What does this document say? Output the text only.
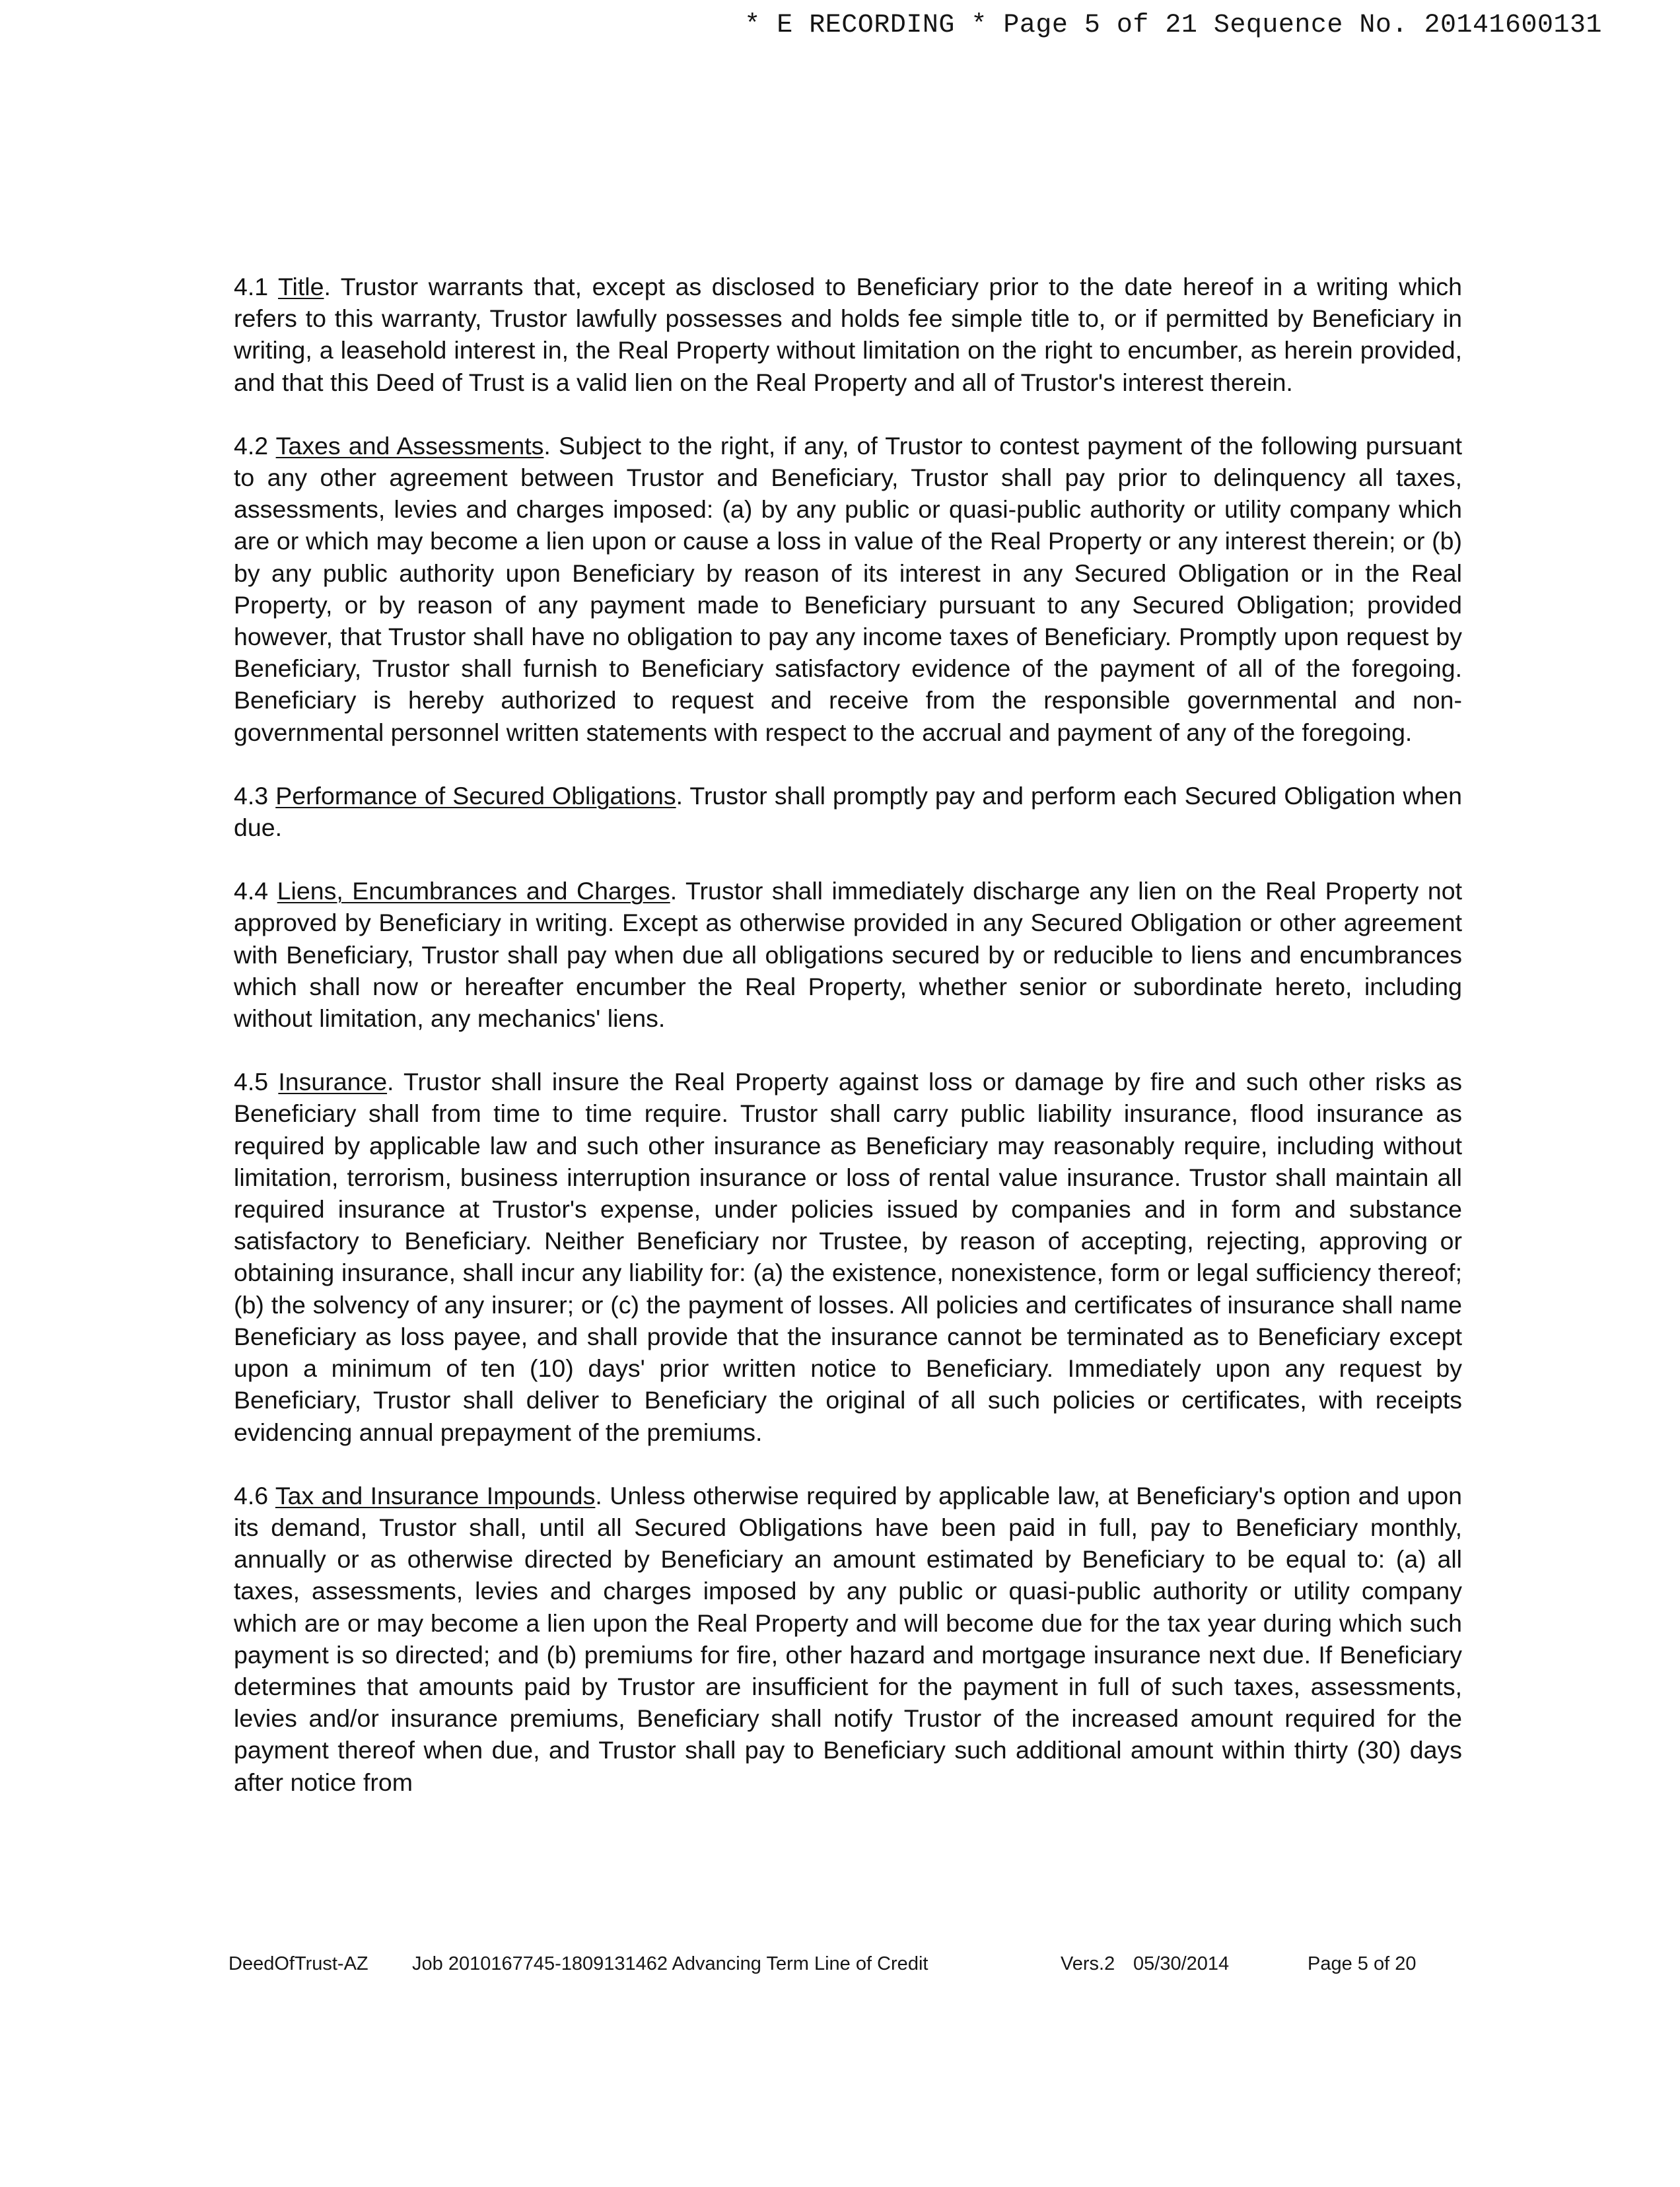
* E RECORDING * Page 5 of 21 Sequence No. 20141600131

4.1 Title. Trustor warrants that, except as disclosed to Beneficiary prior to the date hereof in a writing which refers to this warranty, Trustor lawfully possesses and holds fee simple title to, or if permitted by Beneficiary in writing, a leasehold interest in, the Real Property without limitation on the right to encumber, as herein provided, and that this Deed of Trust is a valid lien on the Real Property and all of Trustor's interest therein.

4.2 Taxes and Assessments. Subject to the right, if any, of Trustor to contest payment of the following pursuant to any other agreement between Trustor and Beneficiary, Trustor shall pay prior to delinquency all taxes, assessments, levies and charges imposed: (a) by any public or quasi-public authority or utility company which are or which may become a lien upon or cause a loss in value of the Real Property or any interest therein; or (b) by any public authority upon Beneficiary by reason of its interest in any Secured Obligation or in the Real Property, or by reason of any payment made to Beneficiary pursuant to any Secured Obligation; provided however, that Trustor shall have no obligation to pay any income taxes of Beneficiary. Promptly upon request by Beneficiary, Trustor shall furnish to Beneficiary satisfactory evidence of the payment of all of the foregoing. Beneficiary is hereby authorized to request and receive from the responsible governmental and non-governmental personnel written statements with respect to the accrual and payment of any of the foregoing.

4.3 Performance of Secured Obligations. Trustor shall promptly pay and perform each Secured Obligation when due.

4.4 Liens, Encumbrances and Charges. Trustor shall immediately discharge any lien on the Real Property not approved by Beneficiary in writing. Except as otherwise provided in any Secured Obligation or other agreement with Beneficiary, Trustor shall pay when due all obligations secured by or reducible to liens and encumbrances which shall now or hereafter encumber the Real Property, whether senior or subordinate hereto, including without limitation, any mechanics' liens.

4.5 Insurance. Trustor shall insure the Real Property against loss or damage by fire and such other risks as Beneficiary shall from time to time require. Trustor shall carry public liability insurance, flood insurance as required by applicable law and such other insurance as Beneficiary may reasonably require, including without limitation, terrorism, business interruption insurance or loss of rental value insurance. Trustor shall maintain all required insurance at Trustor's expense, under policies issued by companies and in form and substance satisfactory to Beneficiary. Neither Beneficiary nor Trustee, by reason of accepting, rejecting, approving or obtaining insurance, shall incur any liability for: (a) the existence, nonexistence, form or legal sufficiency thereof; (b) the solvency of any insurer; or (c) the payment of losses. All policies and certificates of insurance shall name Beneficiary as loss payee, and shall provide that the insurance cannot be terminated as to Beneficiary except upon a minimum of ten (10) days' prior written notice to Beneficiary. Immediately upon any request by Beneficiary, Trustor shall deliver to Beneficiary the original of all such policies or certificates, with receipts evidencing annual prepayment of the premiums.

4.6 Tax and Insurance Impounds. Unless otherwise required by applicable law, at Beneficiary's option and upon its demand, Trustor shall, until all Secured Obligations have been paid in full, pay to Beneficiary monthly, annually or as otherwise directed by Beneficiary an amount estimated by Beneficiary to be equal to: (a) all taxes, assessments, levies and charges imposed by any public or quasi-public authority or utility company which are or may become a lien upon the Real Property and will become due for the tax year during which such payment is so directed; and (b) premiums for fire, other hazard and mortgage insurance next due. If Beneficiary determines that amounts paid by Trustor are insufficient for the payment in full of such taxes, assessments, levies and/or insurance premiums, Beneficiary shall notify Trustor of the increased amount required for the payment thereof when due, and Trustor shall pay to Beneficiary such additional amount within thirty (30) days after notice from

DeedOfTrust-AZ Job 2010167745-1809131462 Advancing Term Line of Credit	Vers.2 05/30/2014	Page 5 of 20
